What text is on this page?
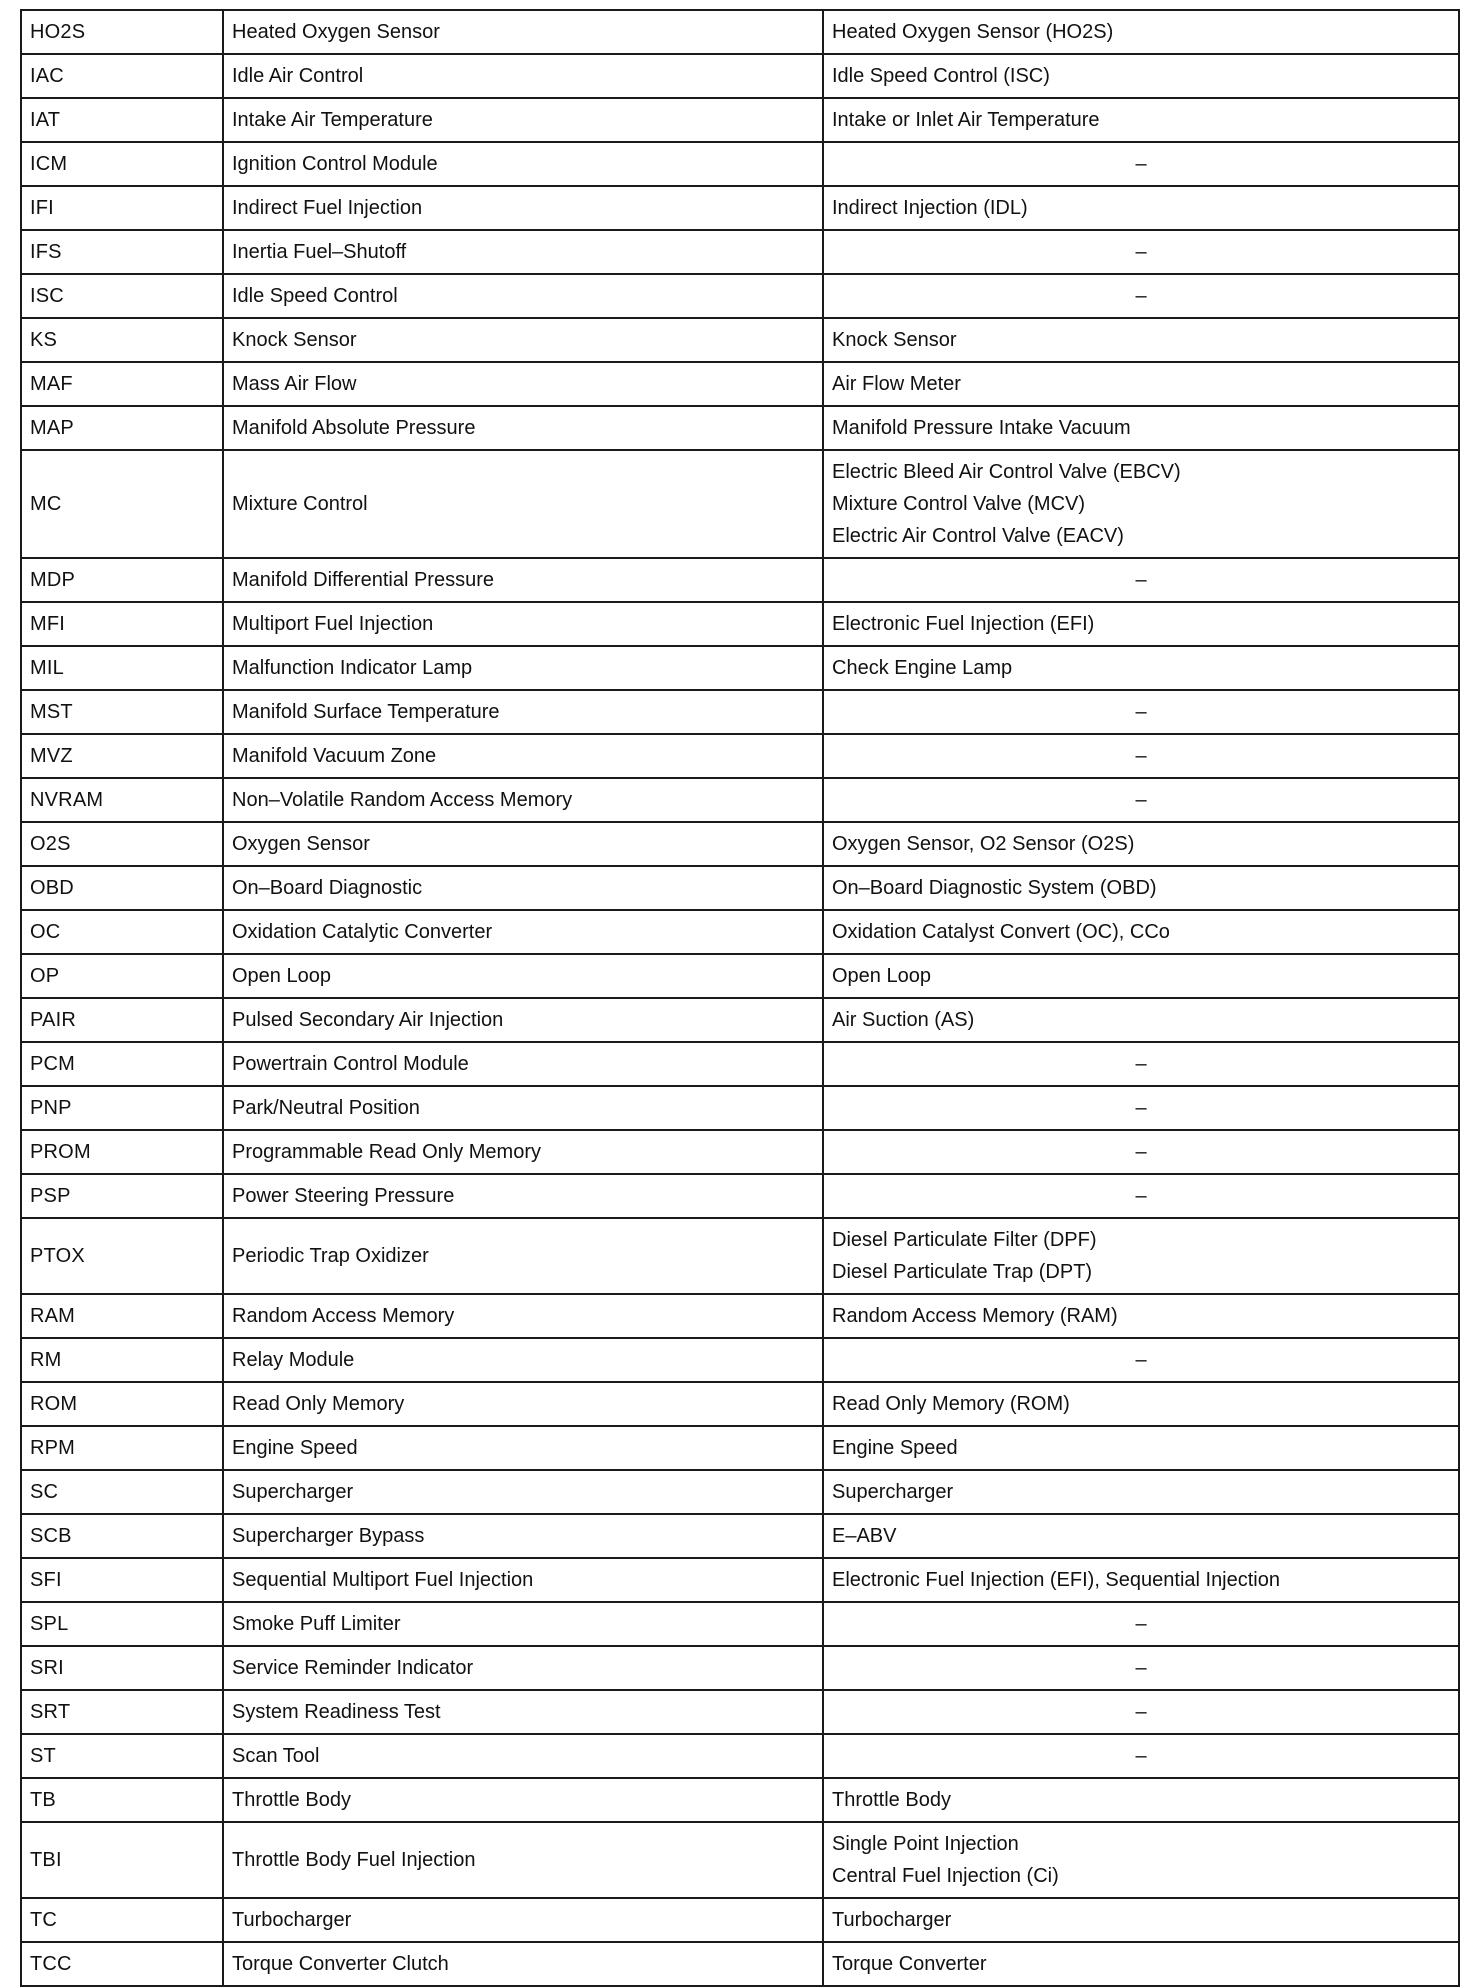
HO2S	Heated Oxygen Sensor	Heated Oxygen Sensor (HO2S)

IAC	Idle Air Control	Idle Speed Control (ISC)

IAT	Intake Air Temperature	Intake or Inlet Air Temperature

ICM	Ignition Control Module	–

IFI	Indirect Fuel Injection	Indirect Injection (IDL)

IFS	Inertia Fuel–Shutoff	–

ISC	Idle Speed Control	–

KS	Knock Sensor	Knock Sensor

MAF	Mass Air Flow	Air Flow Meter

MAP	Manifold Absolute Pressure	Manifold Pressure Intake Vacuum

MC	Mixture Control	Electric Bleed Air Control Valve (EBCV)
Mixture Control Valve (MCV)
Electric Air Control Valve (EACV)

MDP	Manifold Differential Pressure	–

MFI	Multiport Fuel Injection	Electronic Fuel Injection (EFI)

MIL	Malfunction Indicator Lamp	Check Engine Lamp

MST	Manifold Surface Temperature	–

MVZ	Manifold Vacuum Zone	–

NVRAM	Non–Volatile Random Access Memory	–

O2S	Oxygen Sensor	Oxygen Sensor, O2 Sensor (O2S)

OBD	On–Board Diagnostic	On–Board Diagnostic System (OBD)

OC	Oxidation Catalytic Converter	Oxidation Catalyst Convert (OC), CCo

OP	Open Loop	Open Loop

PAIR	Pulsed Secondary Air Injection	Air Suction (AS)

PCM	Powertrain Control Module	–

PNP	Park/Neutral Position	–

PROM	Programmable Read Only Memory	–

PSP	Power Steering Pressure	–

PTOX	Periodic Trap Oxidizer	Diesel Particulate Filter (DPF)
Diesel Particulate Trap (DPT)

RAM	Random Access Memory	Random Access Memory (RAM)

RM	Relay Module	–

ROM	Read Only Memory	Read Only Memory (ROM)

RPM	Engine Speed	Engine Speed

SC	Supercharger	Supercharger

SCB	Supercharger Bypass	E–ABV

SFI	Sequential Multiport Fuel Injection	Electronic Fuel Injection (EFI), Sequential Injection

SPL	Smoke Puff Limiter	–

SRI	Service Reminder Indicator	–

SRT	System Readiness Test	–

ST	Scan Tool	–

TB	Throttle Body	Throttle Body

TBI	Throttle Body Fuel Injection	Single Point Injection
Central Fuel Injection (Ci)

TC	Turbocharger	Turbocharger

TCC	Torque Converter Clutch	Torque Converter
